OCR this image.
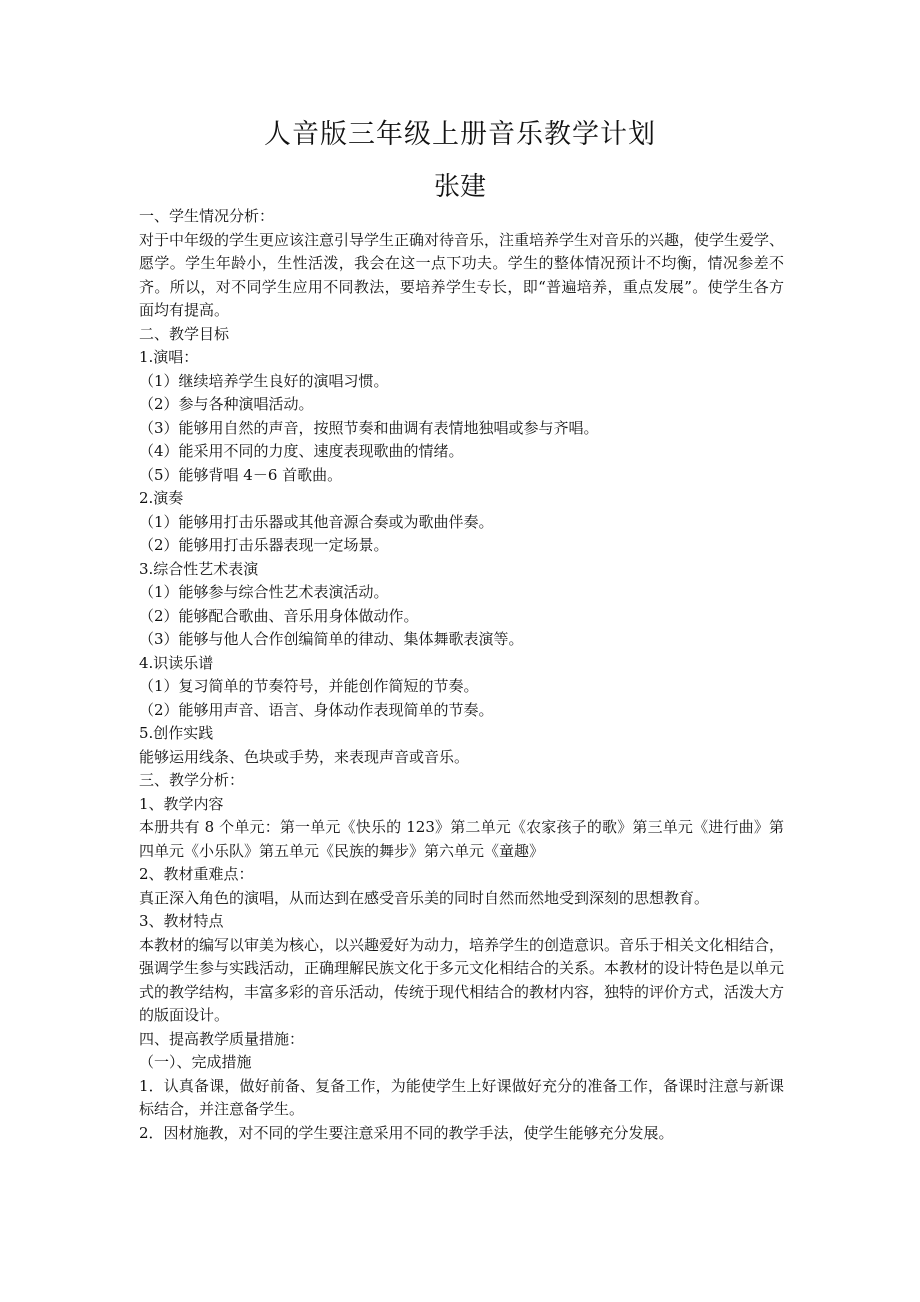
人音版三年级上册音乐教学计划
张建
一、学生情况分析：
对于中年级的学生更应该注意引导学生正确对待音乐，注重培养学生对音乐的兴趣，使学生爱学、愿学。学生年龄小，生性活泼，我会在这一点下功夫。学生的整体情况预计不均衡，情况参差不齐。所以，对不同学生应用不同教法，要培养学生专长，即“普遍培养，重点发展”。使学生各方面均有提高。
二、教学目标
1.演唱：
（1）继续培养学生良好的演唱习惯。
（2）参与各种演唱活动。
（3）能够用自然的声音，按照节奏和曲调有表情地独唱或参与齐唱。
（4）能采用不同的力度、速度表现歌曲的情绪。
（5）能够背唱 4－6 首歌曲。
2.演奏
（1）能够用打击乐器或其他音源合奏或为歌曲伴奏。
（2）能够用打击乐器表现一定场景。
3.综合性艺术表演
（1）能够参与综合性艺术表演活动。
（2）能够配合歌曲、音乐用身体做动作。
（3）能够与他人合作创编简单的律动、集体舞歌表演等。
4.识读乐谱
（1）复习简单的节奏符号，并能创作简短的节奏。
（2）能够用声音、语言、身体动作表现简单的节奏。
5.创作实践
能够运用线条、色块或手势，来表现声音或音乐。
三、教学分析：
1、教学内容
本册共有 8 个单元：第一单元《快乐的 123》第二单元《农家孩子的歌》第三单元《进行曲》第四单元《小乐队》第五单元《民族的舞步》第六单元《童趣》
2、教材重难点：
真正深入角色的演唱，从而达到在感受音乐美的同时自然而然地受到深刻的思想教育。
3、教材特点
本教材的编写以审美为核心，以兴趣爱好为动力，培养学生的创造意识。音乐于相关文化相结合，强调学生参与实践活动，正确理解民族文化于多元文化相结合的关系。本教材的设计特色是以单元式的教学结构，丰富多彩的音乐活动，传统于现代相结合的教材内容，独特的评价方式，活泼大方的版面设计。
四、提高教学质量措施：
（一）、完成措施
1．认真备课，做好前备、复备工作，为能使学生上好课做好充分的准备工作，备课时注意与新课标结合，并注意备学生。
2．因材施教，对不同的学生要注意采用不同的教学手法，使学生能够充分发展。
